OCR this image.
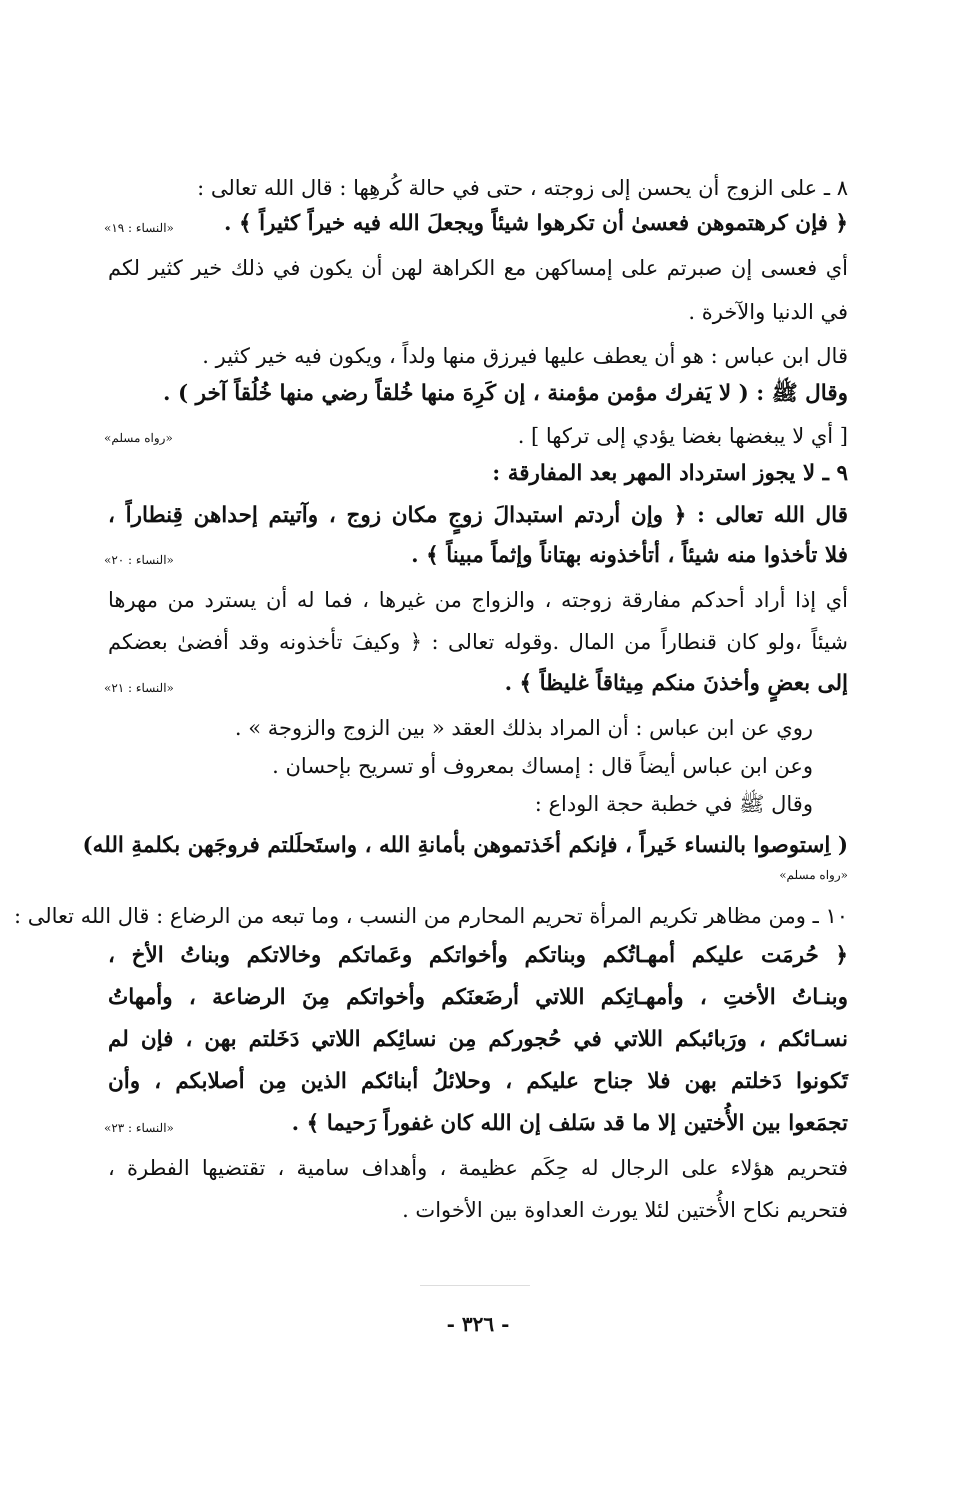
٨ ـ على الزوج أن يحسن إلى زوجته ، حتى في حالة كُرهِها : قال الله تعالى :
﴿ فإن كرهتموهن فعسىٰ أن تكرهوا شيئاً ويجعلَ الله فيه خيراً كثيراً ﴾ .
أي فعسى إن صبرتم على إمساكهن مع الكراهة لهن أن يكون في ذلك خير كثير لكم
في الدنيا والآخرة .
قال ابن عباس : هو أن يعطف عليها فيرزق منها ولداً ، ويكون فيه خير كثير .
وقال ﷺ : ( لا يَفرك مؤمن مؤمنة ، إن كَرِهَ منها خُلقاً رضي منها خُلُقاً آخر ) .
[ أي لا يبغضها بغضا يؤدي إلى تركها ] .
٩ ـ لا يجوز استرداد المهر بعد المفارقة :
قال الله تعالى : ﴿ وإن أردتم استبدالَ زوجٍ مكان زوج ، وآتيتم إحداهن قِنطاراً ،
فلا تأخذوا منه شيئاً ، أتأخذونه بهتاناً وإثماً مبيناً ﴾ .
أي إذا أراد أحدكم مفارقة زوجته ، والزواج من غيرها ، فما له أن يسترد من مهرها
شيئاً ،ولو كان قنطاراً من المال .وقوله تعالى : ﴿ وكيفَ تأخذونه وقد أفضىٰ بعضكم
إلى بعضٍ وأخذنَ منكم مِيثاقاً غليظاً ﴾ .
روي عن ابن عباس : أن المراد بذلك العقد « بين الزوج والزوجة » .
وعن ابن عباس أيضاً قال : إمساك بمعروف أو تسريح بإحسان .
وقال ﷺ في خطبة حجة الوداع :
( اِستوصوا بالنساء خَيراً ، فإنكم أخَذتموهن بأمانةِ الله ، واستَحلَلتم فروجَهن بكلمةِ الله)
١٠ ـ ومن مظاهر تكريم المرأة تحريم المحارم من النسب ، وما تبعه من الرضاع : قال الله تعالى :
﴿ حُرمَت عليكم أمهـاتُكم وبناتكم وأخواتكم وعَماتكم وخالاتكم وبناتُ الأخ ،
وبنـاتُ الأختِ ، وأمهـاتِكم اللاتي أرضَعنَكم وأخواتكم مِنَ الرضاعة ، وأمهاتُ
نسـائكم ، ورَبائبكم اللاتي في حُجوركم مِن نسائِكم اللاتي دَخَلتم بهن ، فإن لم
تَكونوا دَخلتم بهن فلا جناح عليكم ، وحلائلُ أبنائكم الذين مِن أصلابكم ، وأن
تجمَعوا بين الأُختين إلا ما قد سَلف إن الله كان غفوراً رَحيما ﴾ .
فتحريم هؤلاء على الرجال له حِكَم عظيمة ، وأهداف سامية ، تقتضيها الفطرة ،
فتحريم نكاح الأُختين لئلا يورث العداوة بين الأخوات .
«النساء : ١٩»
«رواه مسلم»
«النساء : ٢٠»
«النساء : ٢١»
«النساء : ٢٣»
«رواه مسلم»
- ٣٢٦ -
